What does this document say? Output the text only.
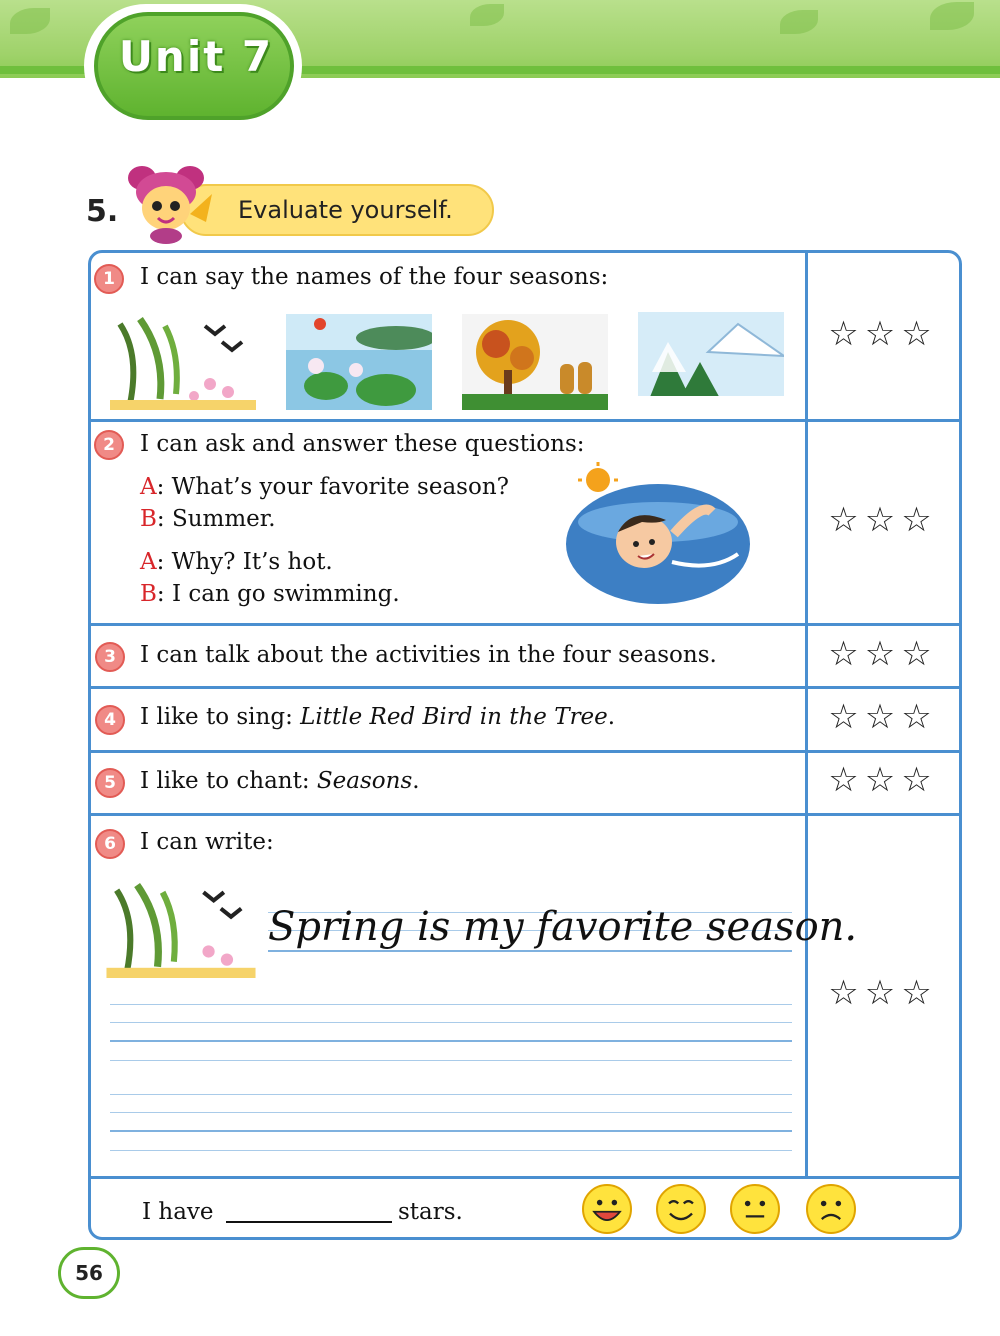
Unit 7
5.	Evaluate yourself.
1	I can say the names of the four seasons:
☆☆☆
2	I can ask and answer these questions:
A: What’s your favorite season?
B: Summer.
A: Why? It’s hot.
B: I can go swimming.
☆☆☆
3	I can talk about the activities in the four seasons.	☆☆☆
4	I like to sing: Little Red Bird in the Tree.	☆☆☆
5	I like to chant: Seasons.	☆☆☆
6	I can write:
Spring is my favorite season.
☆☆☆
I have	stars.
56
